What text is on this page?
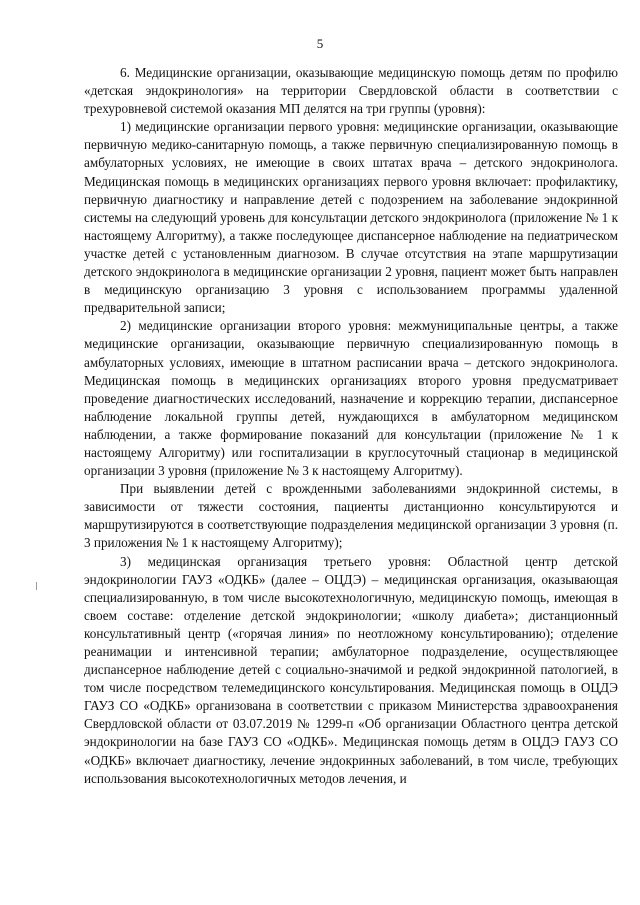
5

6. Медицинские организации, оказывающие медицинскую помощь детям по профилю «детская эндокринология» на территории Свердловской области в соответствии с трехуровневой системой оказания МП делятся на три группы (уровня):

1) медицинские организации первого уровня: медицинские организации, оказывающие первичную медико-санитарную помощь, а также первичную специализированную помощь в амбулаторных условиях, не имеющие в своих штатах врача – детского эндокринолога. Медицинская помощь в медицинских организациях первого уровня включает: профилактику, первичную диагностику и направление детей с подозрением на заболевание эндокринной системы на следующий уровень для консультации детского эндокринолога (приложение № 1 к настоящему Алгоритму), а также последующее диспансерное наблюдение на педиатрическом участке детей с установленным диагнозом. В случае отсутствия на этапе маршрутизации детского эндокринолога в медицинские организации 2 уровня, пациент может быть направлен в медицинскую организацию 3 уровня с использованием программы удаленной предварительной записи;

2) медицинские организации второго уровня: межмуниципальные центры, а также медицинские организации, оказывающие первичную специализированную помощь в амбулаторных условиях, имеющие в штатном расписании врача – детского эндокринолога. Медицинская помощь в медицинских организациях второго уровня предусматривает проведение диагностических исследований, назначение и коррекцию терапии, диспансерное наблюдение локальной группы детей, нуждающихся в амбулаторном медицинском наблюдении, а также формирование показаний для консультации (приложение № 1 к настоящему Алгоритму) или госпитализации в круглосуточный стационар в медицинской организации 3 уровня (приложение № 3 к настоящему Алгоритму).

При выявлении детей с врожденными заболеваниями эндокринной системы, в зависимости от тяжести состояния, пациенты дистанционно консультируются и маршрутизируются в соответствующие подразделения медицинской организации 3 уровня (п. 3 приложения № 1 к настоящему Алгоритму);

3) медицинская организация третьего уровня: Областной центр детской эндокринологии ГАУЗ «ОДКБ» (далее – ОЦДЭ) – медицинская организация, оказывающая специализированную, в том числе высокотехнологичную, медицинскую помощь, имеющая в своем составе: отделение детской эндокринологии; «школу диабета»; дистанционный консультативный центр («горячая линия» по неотложному консультированию); отделение реанимации и интенсивной терапии; амбулаторное подразделение, осуществляющее диспансерное наблюдение детей с социально-значимой и редкой эндокринной патологией, в том числе посредством телемедицинского консультирования. Медицинская помощь в ОЦДЭ ГАУЗ СО «ОДКБ» организована в соответствии с приказом Министерства здравоохранения Свердловской области от 03.07.2019 № 1299-п «Об организации Областного центра детской эндокринологии на базе ГАУЗ СО «ОДКБ». Медицинская помощь детям в ОЦДЭ ГАУЗ СО «ОДКБ» включает диагностику, лечение эндокринных заболеваний, в том числе, требующих использования высокотехнологичных методов лечения, и
